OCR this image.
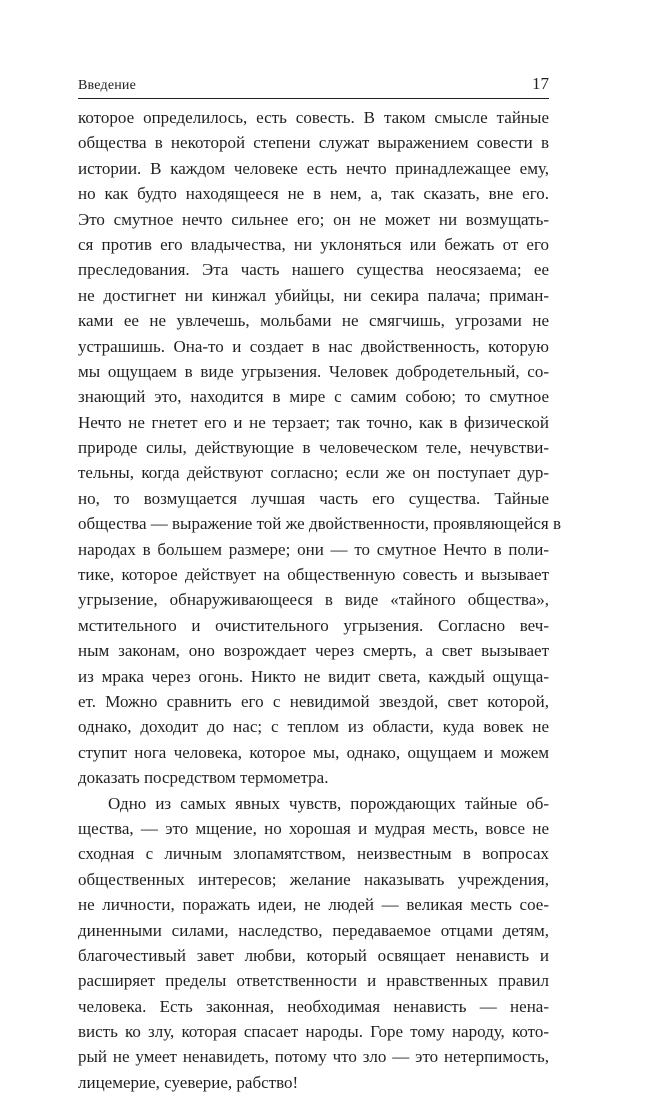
Введение	17
которое определилось, есть совесть. В таком смысле тайные
общества в некоторой степени служат выражением совести в
истории. В каждом человеке есть нечто принадлежащее ему,
но как будто находящееся не в нем, а, так сказать, вне его.
Это смутное нечто сильнее его; он не может ни возмущать-
ся против его владычества, ни уклоняться или бежать от его
преследования. Эта часть нашего существа неосязаема; ее
не достигнет ни кинжал убийцы, ни секира палача; приман-
ками ее не увлечешь, мольбами не смягчишь, угрозами не
устрашишь. Она-то и создает в нас двойственность, которую
мы ощущаем в виде угрызения. Человек добродетельный, со-
знающий это, находится в мире с самим собою; то смутное
Нечто не гнетет его и не терзает; так точно, как в физической
природе силы, действующие в человеческом теле, нечувстви-
тельны, когда действуют согласно; если же он поступает дур-
но, то возмущается лучшая часть его существа. Тайные
общества — выражение той же двойственности, проявляющейся в
народах в большем размере; они — то смутное Нечто в поли-
тике, которое действует на общественную совесть и вызывает
угрызение, обнаруживающееся в виде «тайного общества»,
мстительного и очистительного угрызения. Согласно веч-
ным законам, оно возрождает через смерть, а свет вызывает
из мрака через огонь. Никто не видит света, каждый ощуща-
ет. Можно сравнить его с невидимой звездой, свет которой,
однако, доходит до нас; с теплом из области, куда вовек не
ступит нога человека, которое мы, однако, ощущаем и можем
доказать посредством термометра.
Одно из самых явных чувств, порождающих тайные об-
щества, — это мщение, но хорошая и мудрая месть, вовсе не
сходная с личным злопамятством, неизвестным в вопросах
общественных интересов; желание наказывать учреждения,
не личности, поражать идеи, не людей — великая месть сое-
диненными силами, наследство, передаваемое отцами детям,
благочестивый завет любви, который освящает ненависть и
расширяет пределы ответственности и нравственных правил
человека. Есть законная, необходимая ненависть — нена-
висть ко злу, которая спасает народы. Горе тому народу, кото-
рый не умеет ненавидеть, потому что зло — это нетерпимость,
лицемерие, суеверие, рабство!
